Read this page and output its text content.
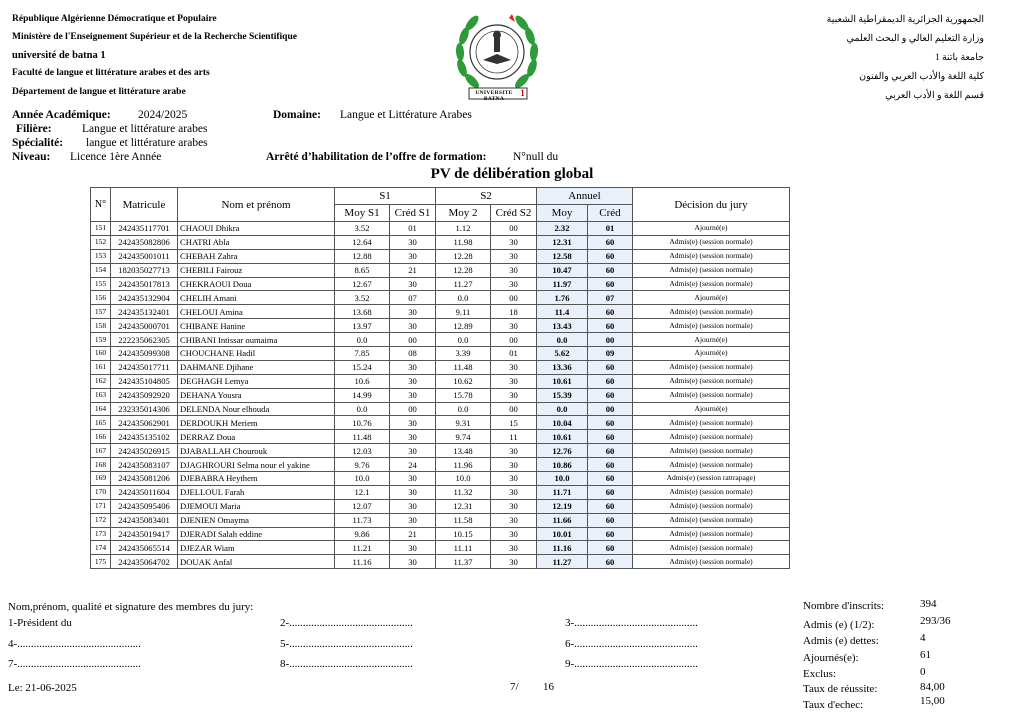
République Algérienne Démocratique et Populaire
Ministère de l'Enseignement Supérieur et de la Recherche Scientifique
université de batna 1
Faculté de langue et littérature arabes et des arts
Département de langue et littérature arabe
الجمهورية الجزائرية الديمقراطية الشعبية
وزارة التعليم العالي و البحث العلمي
جامعة باتنة 1
كلية اللغة والأدب العربي والفنون
قسم اللغة و الأدب العربي
UNIVERSITE BATNA
1
Année Académique: 2024/2025	Domaine: Langue et Littérature Arabes
Filière:	Langue et littérature arabes
Spécialité: langue et littérature arabes
Niveau: Licence 1ère Année	Arrêté d’habilitation de l’offre de formation: N°null du
PV de délibération global
N°	Matricule	Nom et prénom	S1		S2		Annuel		Décision du jury
			Moy S1	Créd S1	Moy 2	Créd S2	Moy	Créd	
151	242435117701	CHAOUI Dhikra	3.52	01	1.12	00	2.32	01	Ajourné(e)
152	242435082806	CHATRI Abla	12.64	30	11.98	30	12.31	60	Admis(e) (session normale)
153	242435001011	CHEBAH Zahra	12.88	30	12.28	30	12.58	60	Admis(e) (session normale)
154	182035027713	CHEBILI Fairouz	8.65	21	12.28	30	10.47	60	Admis(e) (session normale)
155	242435017813	CHEKRAOUI Doua	12.67	30	11.27	30	11.97	60	Admis(e) (session normale)
156	242435132904	CHELIH Amani	3.52	07	0.0	00	1.76	07	Ajourné(e)
157	242435132401	CHELOUI Amina	13.68	30	9.11	18	11.4	60	Admis(e) (session normale)
158	242435000701	CHIBANE Hanine	13.97	30	12.89	30	13.43	60	Admis(e) (session normale)
159	222235062305	CHIBANI Intissar oumaima	0.0	00	0.0	00	0.0	00	Ajourné(e)
160	242435099308	CHOUCHANE Hadil	7.85	08	3.39	01	5.62	09	Ajourné(e)
161	242435017711	DAHMANE Djihane	15.24	30	11.48	30	13.36	60	Admis(e) (session normale)
162	242435104805	DEGHAGH Lemya	10.6	30	10.62	30	10.61	60	Admis(e) (session normale)
163	242435092920	DEHANA Yousra	14.99	30	15.78	30	15.39	60	Admis(e) (session normale)
164	232335014306	DELENDA Nour elhouda	0.0	00	0.0	00	0.0	00	Ajourné(e)
165	242435062901	DERDOUKH Meriem	10.76	30	9.31	15	10.04	60	Admis(e) (session normale)
166	242435135102	DERRAZ Doua	11.48	30	9.74	11	10.61	60	Admis(e) (session normale)
167	242435026915	DJABALLAH Chourouk	12.03	30	13.48	30	12.76	60	Admis(e) (session normale)
168	242435083107	DJAGHROURI Selma nour el yakine	9.76	24	11.96	30	10.86	60	Admis(e) (session normale)
169	242435081206	DJEBABRA Heythem	10.0	30	10.0	30	10.0	60	Admis(e) (session rattrapage)
170	242435011604	DJELLOUL Farah	12.1	30	11.32	30	11.71	60	Admis(e) (session normale)
171	242435095406	DJEMOUI Maria	12.07	30	12.31	30	12.19	60	Admis(e) (session normale)
172	242435083401	DJENIEN Omayma	11.73	30	11.58	30	11.66	60	Admis(e) (session normale)
173	242435019417	DJERADI Salah eddine	9.86	21	10.15	30	10.01	60	Admis(e) (session normale)
174	242435065514	DJEZAR Wiam	11.21	30	11.11	30	11.16	60	Admis(e) (session normale)
175	242435064702	DOUAK Anfal	11.16	30	11.37	30	11.27	60	Admis(e) (session normale)
Nom,prénom, qualité et signature des membres du jury:
1-Président du	2-.............................................	3-.............................................
4-.............................................	5-.............................................	6-.............................................
7-.............................................	8-.............................................	9-.............................................
Le: 21-06-2025	7/ 16
Nombre d'inscrits:	394
Admis (e) (1/2):	293/36
Admis (e) dettes:	4
Ajournés(e):	61
Exclus:	0
Taux de réussite:	84,00
Taux d'echec:	15,00
